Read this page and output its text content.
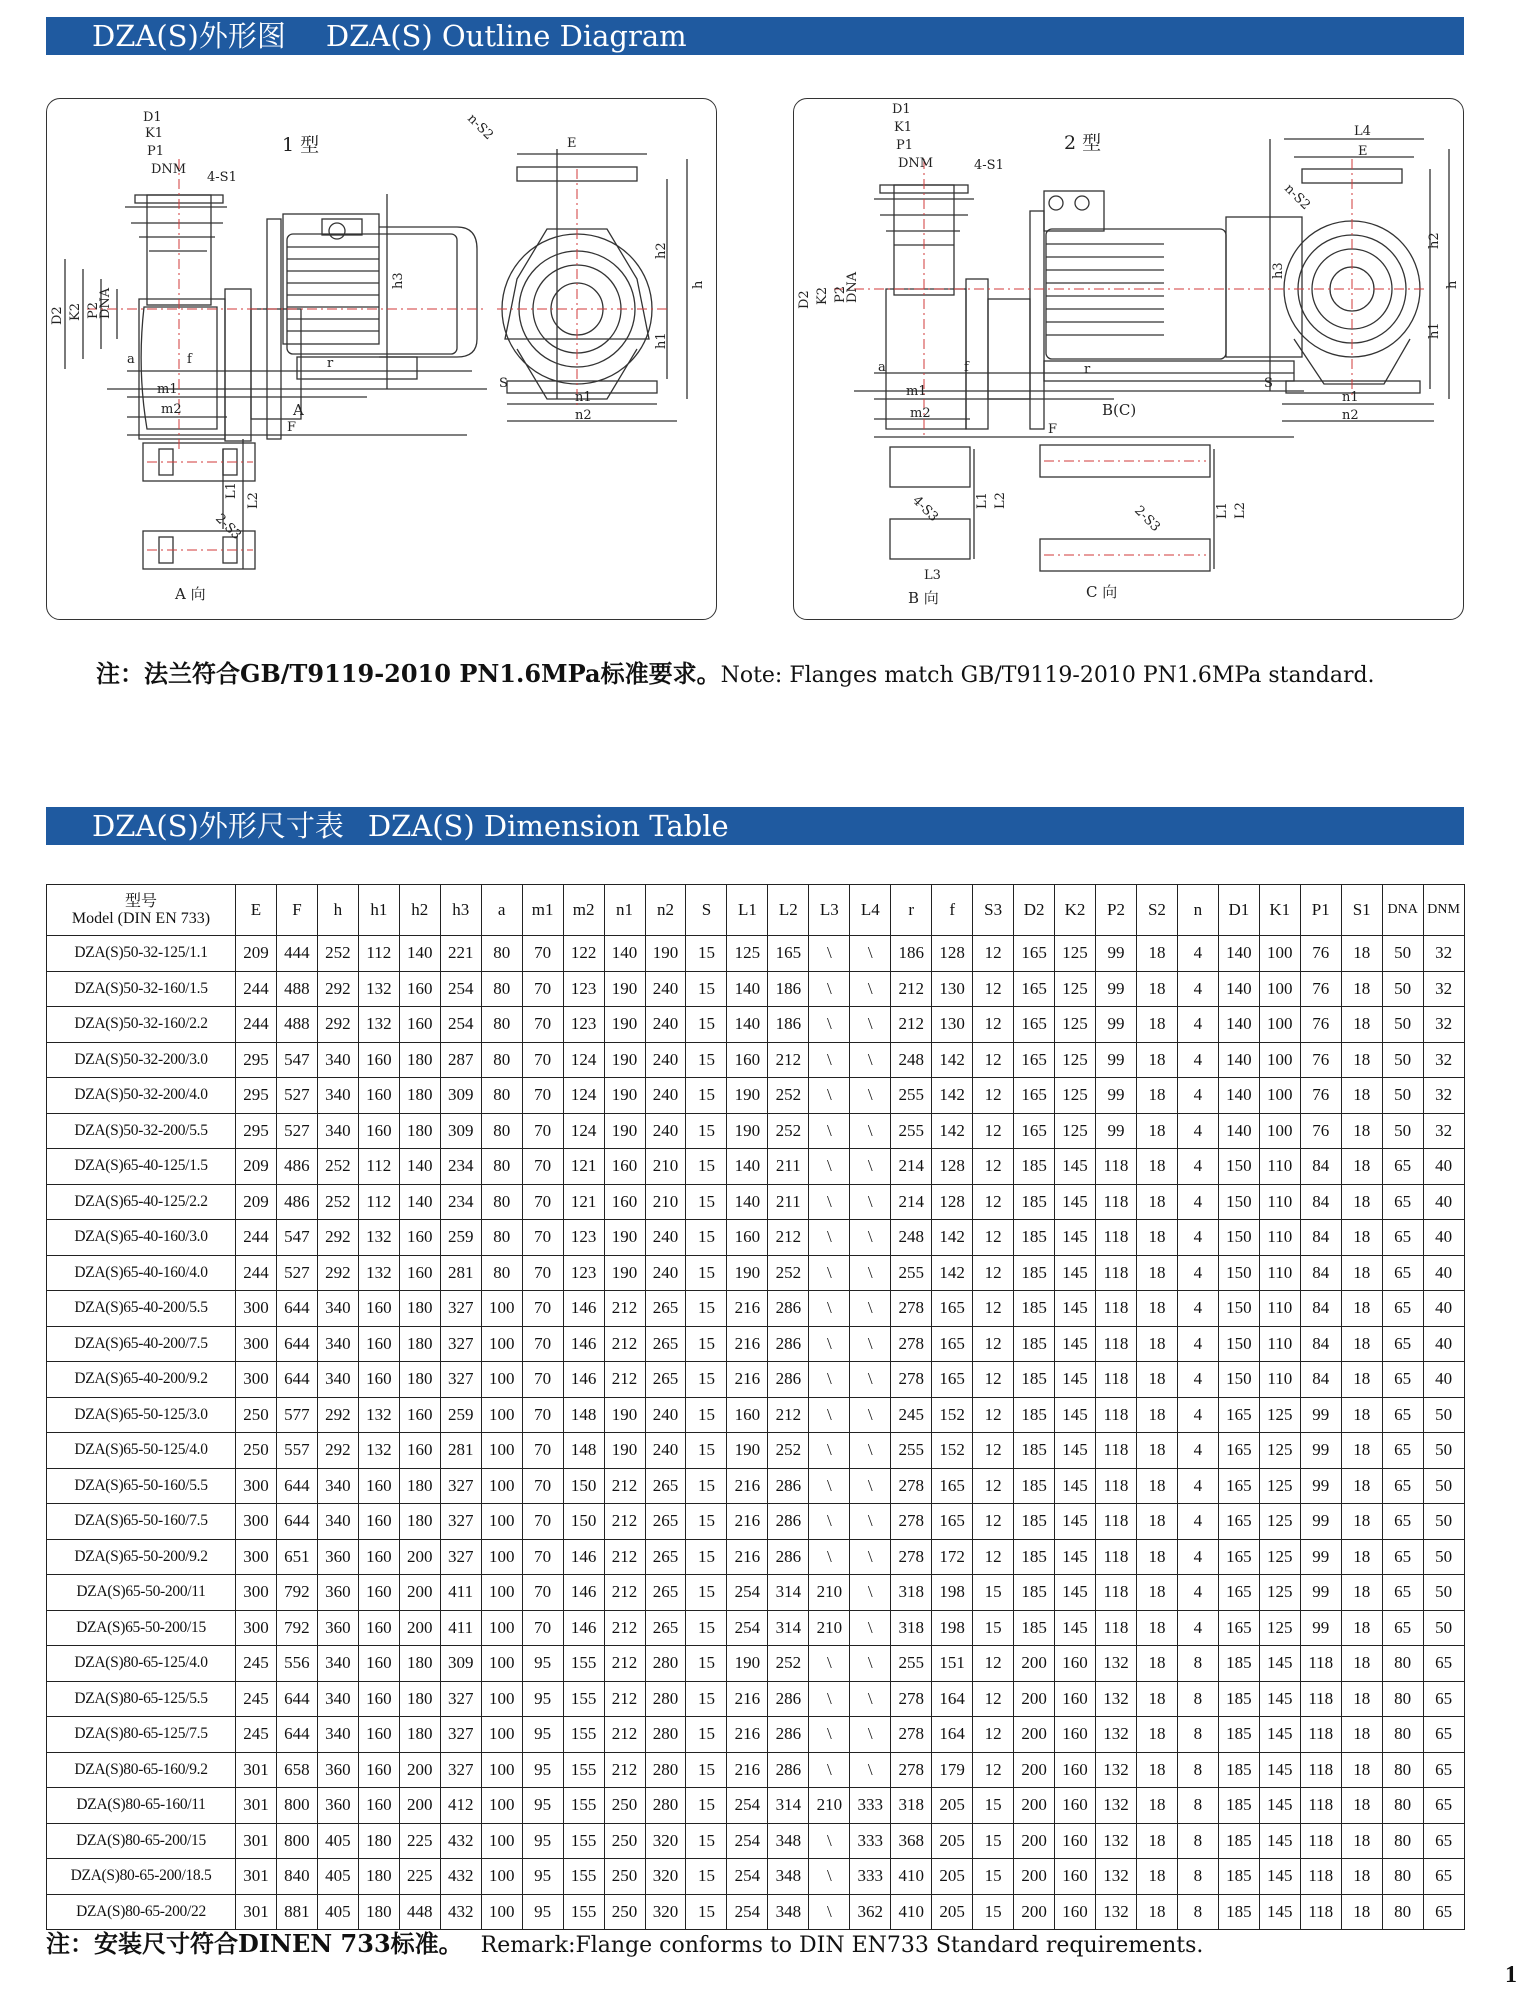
DZA(S)外形图 DZA(S) Outline Diagram
1 型
D1
K1
P1
DNM
4-S1
D2 K2 P2
DNA
a	f	r
m1
m2
F
n-S2
E
h2
h1
h
h3
S
n1
n2
L1
L2
2-S3
A 向
A
2 型
D1
K1
P1
DNM	4-S1
D2 K2 P2
DNA
a	f	r
m1
m2
F
L4
E
n-S2
h2
h1
h
h3
S
n1
n2
L1 L2
L3
4-S3	2-S3	L1 L2
B 向	C 向
B(C)
注：法兰符合GB/T9119-2010 PN1.6MPa标准要求。Note: Flanges match GB/T9119-2010 PN1.6MPa standard.
DZA(S)外形尺寸表 DZA(S) Dimension Table
型号
Model (DIN EN 733)	E	F	h	h1	h2	h3	a	m1	m2	n1	n2	S	L1	L2	L3	L4	r	f	S3	D2	K2	P2	S2	n	D1	K1	P1	S1	DNA	DNM
DZA(S)50-32-125/1.1	209	444	252	112	140	221	80	70	122	140	190	15	125	165	\	\	186	128	12	165	125	99	18	4	140	100	76	18	50	32
DZA(S)50-32-160/1.5	244	488	292	132	160	254	80	70	123	190	240	15	140	186	\	\	212	130	12	165	125	99	18	4	140	100	76	18	50	32
DZA(S)50-32-160/2.2	244	488	292	132	160	254	80	70	123	190	240	15	140	186	\	\	212	130	12	165	125	99	18	4	140	100	76	18	50	32
DZA(S)50-32-200/3.0	295	547	340	160	180	287	80	70	124	190	240	15	160	212	\	\	248	142	12	165	125	99	18	4	140	100	76	18	50	32
DZA(S)50-32-200/4.0	295	527	340	160	180	309	80	70	124	190	240	15	190	252	\	\	255	142	12	165	125	99	18	4	140	100	76	18	50	32
DZA(S)50-32-200/5.5	295	527	340	160	180	309	80	70	124	190	240	15	190	252	\	\	255	142	12	165	125	99	18	4	140	100	76	18	50	32
DZA(S)65-40-125/1.5	209	486	252	112	140	234	80	70	121	160	210	15	140	211	\	\	214	128	12	185	145	118	18	4	150	110	84	18	65	40
DZA(S)65-40-125/2.2	209	486	252	112	140	234	80	70	121	160	210	15	140	211	\	\	214	128	12	185	145	118	18	4	150	110	84	18	65	40
DZA(S)65-40-160/3.0	244	547	292	132	160	259	80	70	123	190	240	15	160	212	\	\	248	142	12	185	145	118	18	4	150	110	84	18	65	40
DZA(S)65-40-160/4.0	244	527	292	132	160	281	80	70	123	190	240	15	190	252	\	\	255	142	12	185	145	118	18	4	150	110	84	18	65	40
DZA(S)65-40-200/5.5	300	644	340	160	180	327	100	70	146	212	265	15	216	286	\	\	278	165	12	185	145	118	18	4	150	110	84	18	65	40
DZA(S)65-40-200/7.5	300	644	340	160	180	327	100	70	146	212	265	15	216	286	\	\	278	165	12	185	145	118	18	4	150	110	84	18	65	40
DZA(S)65-40-200/9.2	300	644	340	160	180	327	100	70	146	212	265	15	216	286	\	\	278	165	12	185	145	118	18	4	150	110	84	18	65	40
DZA(S)65-50-125/3.0	250	577	292	132	160	259	100	70	148	190	240	15	160	212	\	\	245	152	12	185	145	118	18	4	165	125	99	18	65	50
DZA(S)65-50-125/4.0	250	557	292	132	160	281	100	70	148	190	240	15	190	252	\	\	255	152	12	185	145	118	18	4	165	125	99	18	65	50
DZA(S)65-50-160/5.5	300	644	340	160	180	327	100	70	150	212	265	15	216	286	\	\	278	165	12	185	145	118	18	4	165	125	99	18	65	50
DZA(S)65-50-160/7.5	300	644	340	160	180	327	100	70	150	212	265	15	216	286	\	\	278	165	12	185	145	118	18	4	165	125	99	18	65	50
DZA(S)65-50-200/9.2	300	651	360	160	200	327	100	70	146	212	265	15	216	286	\	\	278	172	12	185	145	118	18	4	165	125	99	18	65	50
DZA(S)65-50-200/11	300	792	360	160	200	411	100	70	146	212	265	15	254	314	210	\	318	198	15	185	145	118	18	4	165	125	99	18	65	50
DZA(S)65-50-200/15	300	792	360	160	200	411	100	70	146	212	265	15	254	314	210	\	318	198	15	185	145	118	18	4	165	125	99	18	65	50
DZA(S)80-65-125/4.0	245	556	340	160	180	309	100	95	155	212	280	15	190	252	\	\	255	151	12	200	160	132	18	8	185	145	118	18	80	65
DZA(S)80-65-125/5.5	245	644	340	160	180	327	100	95	155	212	280	15	216	286	\	\	278	164	12	200	160	132	18	8	185	145	118	18	80	65
DZA(S)80-65-125/7.5	245	644	340	160	180	327	100	95	155	212	280	15	216	286	\	\	278	164	12	200	160	132	18	8	185	145	118	18	80	65
DZA(S)80-65-160/9.2	301	658	360	160	200	327	100	95	155	212	280	15	216	286	\	\	278	179	12	200	160	132	18	8	185	145	118	18	80	65
DZA(S)80-65-160/11	301	800	360	160	200	412	100	95	155	250	280	15	254	314	210	333	318	205	15	200	160	132	18	8	185	145	118	18	80	65
DZA(S)80-65-200/15	301	800	405	180	225	432	100	95	155	250	320	15	254	348	\	333	368	205	15	200	160	132	18	8	185	145	118	18	80	65
DZA(S)80-65-200/18.5	301	840	405	180	225	432	100	95	155	250	320	15	254	348	\	333	410	205	15	200	160	132	18	8	185	145	118	18	80	65
DZA(S)80-65-200/22	301	881	405	180	448	432	100	95	155	250	320	15	254	348	\	362	410	205	15	200	160	132	18	8	185	145	118	18	80	65
注：安装尺寸符合DINEN 733标准。 Remark:Flange conforms to DIN EN733 Standard requirements.
1
